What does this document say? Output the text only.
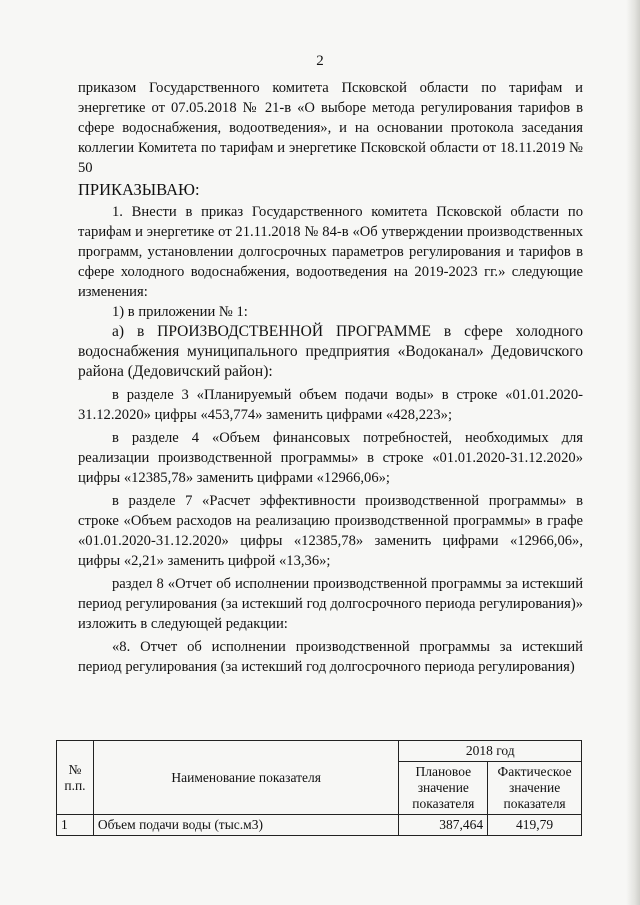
2

приказом Государственного комитета Псковской области по тарифам и энергетике от 07.05.2018 № 21-в «О выборе метода регулирования тарифов в сфере водоснабжения, водоотведения», и на основании протокола заседания коллегии Комитета по тарифам и энергетике Псковской области от 18.11.2019 № 50

ПРИКАЗЫВАЮ:

1. Внести в приказ Государственного комитета Псковской области по тарифам и энергетике от 21.11.2018 № 84-в «Об утверждении производственных программ, установлении долгосрочных параметров регулирования и тарифов в сфере холодного водоснабжения, водоотведения на 2019-2023 гг.» следующие изменения:

1) в приложении № 1:

а) в ПРОИЗВОДСТВЕННОЙ ПРОГРАММЕ в сфере холодного водоснабжения муниципального предприятия «Водоканал» Дедовичского района (Дедовичский район):

в разделе 3 «Планируемый объем подачи воды» в строке «01.01.2020-31.12.2020» цифры «453,774» заменить цифрами «428,223»;

в разделе 4 «Объем финансовых потребностей, необходимых для реализации производственной программы» в строке «01.01.2020-31.12.2020» цифры «12385,78» заменить цифрами «12966,06»;

в разделе 7 «Расчет эффективности производственной программы» в строке «Объем расходов на реализацию производственной программы» в графе «01.01.2020-31.12.2020» цифры «12385,78» заменить цифрами «12966,06», цифры «2,21» заменить цифрой «13,36»;

раздел 8 «Отчет об исполнении производственной программы за истекший период регулирования (за истекший год долгосрочного периода регулирования)» изложить в следующей редакции:

«8. Отчет об исполнении производственной программы за истекший период регулирования (за истекший год долгосрочного периода регулирования)

№ п.п.	Наименование показателя	2018 год	
		Плановое значение показателя	Фактическое значение показателя
1	Объем подачи воды (тыс.м3)	387,464	419,79
